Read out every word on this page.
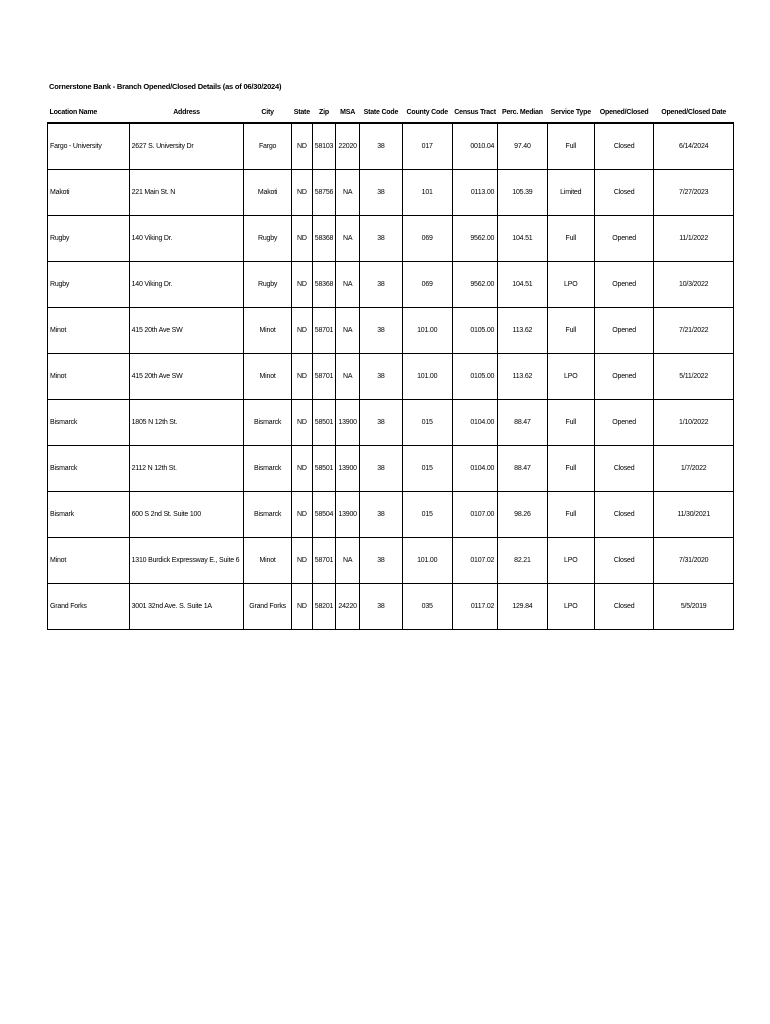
Cornerstone Bank - Branch Opened/Closed Details (as of 06/30/2024)
Location Name	Address	City	State	Zip	MSA	State Code	County Code	Census Tract	Perc. Median	Service Type	Opened/Closed	Opened/Closed Date
Fargo - University	2627 S. University Dr	Fargo	ND	58103	22020	38	017	0010.04	97.40	Full	Closed	6/14/2024
Makoti	221 Main St. N	Makoti	ND	58756	NA	38	101	0113.00	105.39	Limited	Closed	7/27/2023
Rugby	140 Viking Dr.	Rugby	ND	58368	NA	38	069	9562.00	104.51	Full	Opened	11/1/2022
Rugby	140 Viking Dr.	Rugby	ND	58368	NA	38	069	9562.00	104.51	LPO	Opened	10/3/2022
Minot	415 20th Ave SW	Minot	ND	58701	NA	38	101.00	0105.00	113.62	Full	Opened	7/21/2022
Minot	415 20th Ave SW	Minot	ND	58701	NA	38	101.00	0105.00	113.62	LPO	Opened	5/11/2022
Bismarck	1805 N 12th St.	Bismarck	ND	58501	13900	38	015	0104.00	88.47	Full	Opened	1/10/2022
Bismarck	2112 N 12th St.	Bismarck	ND	58501	13900	38	015	0104.00	88.47	Full	Closed	1/7/2022
Bismark	600 S 2nd St. Suite 100	Bismarck	ND	58504	13900	38	015	0107.00	98.26	Full	Closed	11/30/2021
Minot	1310 Burdick Expressway E., Suite 6	Minot	ND	58701	NA	38	101.00	0107.02	82.21	LPO	Closed	7/31/2020
Grand Forks	3001 32nd Ave. S. Suite 1A	Grand Forks	ND	58201	24220	38	035	0117.02	129.84	LPO	Closed	5/5/2019
